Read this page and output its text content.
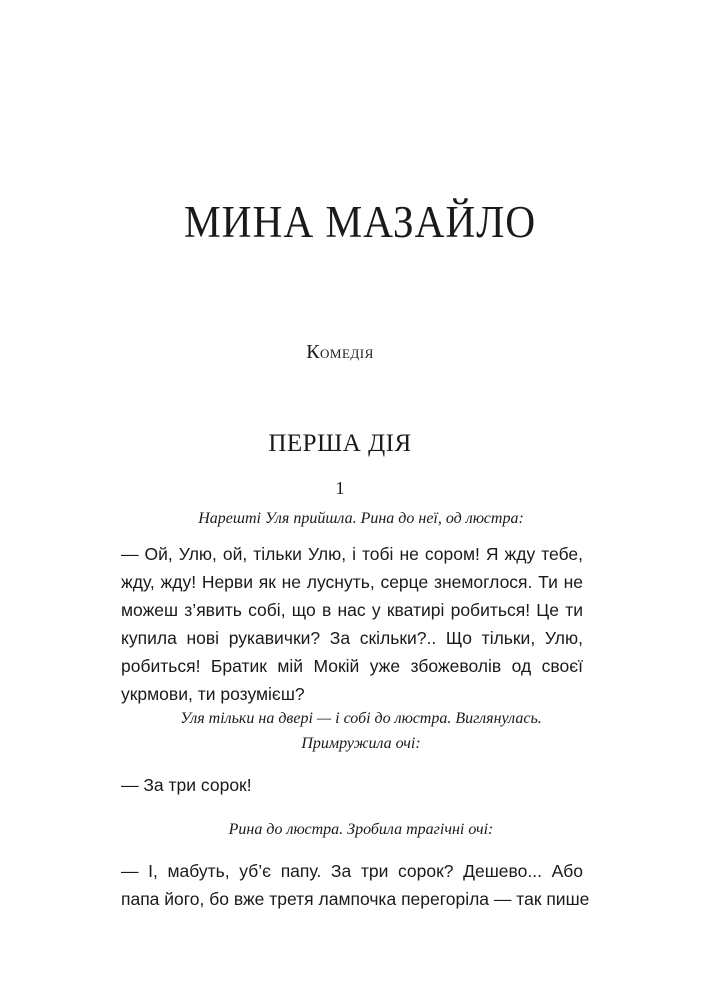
МИНА МАЗАЙЛО

Комедія

ПЕРША ДІЯ

1

Нарешті Уля прийшла. Рина до неї, од люстра:

— Ой, Улю, ой, тільки Улю, і тобі не сором! Я жду тебе,
жду, жду! Нерви як не луснуть, серце знемоглося. Ти не
можеш з’явить собі, що в нас у кватирі робиться! Це ти
купила нові рукавички? За скільки?.. Що тільки, Улю,
робиться! Братик мій Мокій уже збожеволів од своєї
укрмови, ти розумієш?
Уля тільки на двері — і собі до люстра. Виглянулась.
Примружила очі:
— За три сорок!

Рина до люстра. Зробила трагічні очі:

— І, мабуть, уб’є папу. За три сорок? Дешево... Або
папа його, бо вже третя лампочка перегоріла — так пише
